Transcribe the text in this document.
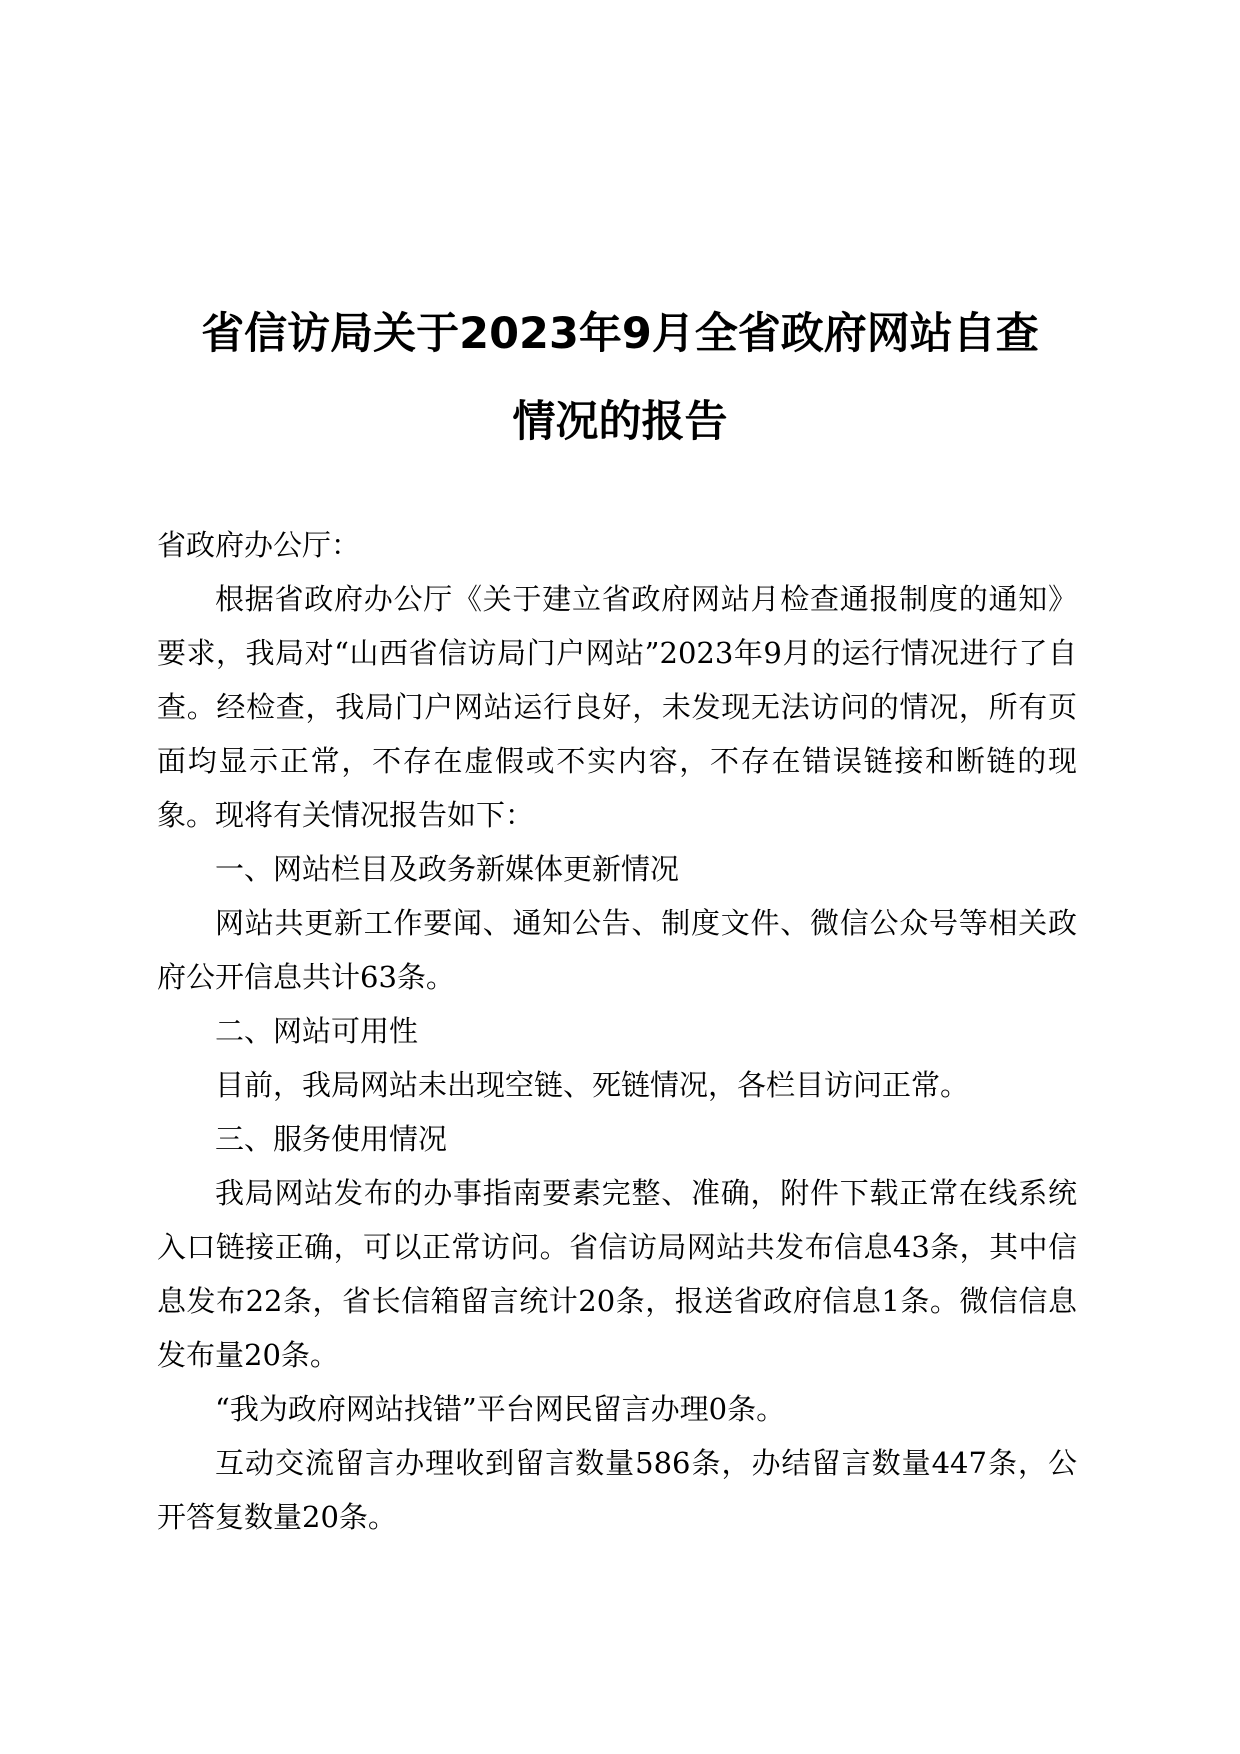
省信访局关于2023年9月全省政府网站自查
情况的报告

省政府办公厅：

根据省政府办公厅《关于建立省政府网站月检查通报制度的通知》要求，我局对“山西省信访局门户网站”2023年9月的运行情况进行了自查。经检查，我局门户网站运行良好，未发现无法访问的情况，所有页面均显示正常，不存在虚假或不实内容，不存在错误链接和断链的现象。现将有关情况报告如下：

一、网站栏目及政务新媒体更新情况

网站共更新工作要闻、通知公告、制度文件、微信公众号等相关政府公开信息共计63条。

二、网站可用性

目前，我局网站未出现空链、死链情况，各栏目访问正常。

三、服务使用情况

我局网站发布的办事指南要素完整、准确，附件下载正常在线系统入口链接正确，可以正常访问。省信访局网站共发布信息43条，其中信息发布22条，省长信箱留言统计20条，报送省政府信息1条。微信信息发布量20条。

“我为政府网站找错”平台网民留言办理0条。

互动交流留言办理收到留言数量586条，办结留言数量447条，公开答复数量20条。
